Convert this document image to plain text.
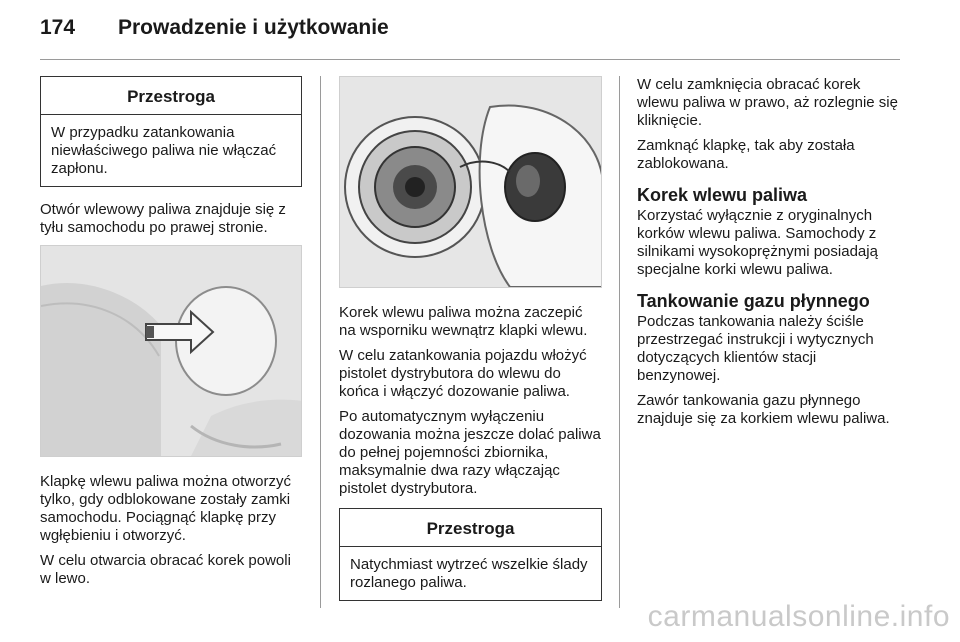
174 Prowadzenie i użytkowanie
Przestroga
W przypadku zatankowania niewłaściwego paliwa nie włączać zapłonu.

Otwór wlewowy paliwa znajduje się z tyłu samochodu po prawej stronie.

Klapkę wlewu paliwa można otworzyć tylko, gdy odblokowane zostały zamki samochodu. Pociągnąć klapkę przy wgłębieniu i otworzyć.

W celu otwarcia obracać korek powoli w lewo.

Korek wlewu paliwa można zaczepić na wsporniku wewnątrz klapki wlewu.

W celu zatankowania pojazdu włożyć pistolet dystrybutora do wlewu do końca i włączyć dozowanie paliwa.

Po automatycznym wyłączeniu dozowania można jeszcze dolać paliwa do pełnej pojemności zbiornika, maksymalnie dwa razy włączając pistolet dystrybutora.

Przestroga
Natychmiast wytrzeć wszelkie ślady rozlanego paliwa.

W celu zamknięcia obracać korek wlewu paliwa w prawo, aż rozlegnie się kliknięcie.

Zamknąć klapkę, tak aby została zablokowana.

Korek wlewu paliwa

Korzystać wyłącznie z oryginalnych korków wlewu paliwa. Samochody z silnikami wysokoprężnymi posiadają specjalne korki wlewu paliwa.

Tankowanie gazu płynnego

Podczas tankowania należy ściśle przestrzegać instrukcji i wytycznych dotyczących klientów stacji benzynowej.

Zawór tankowania gazu płynnego znajduje się za korkiem wlewu paliwa.

carmanualsonline.info
